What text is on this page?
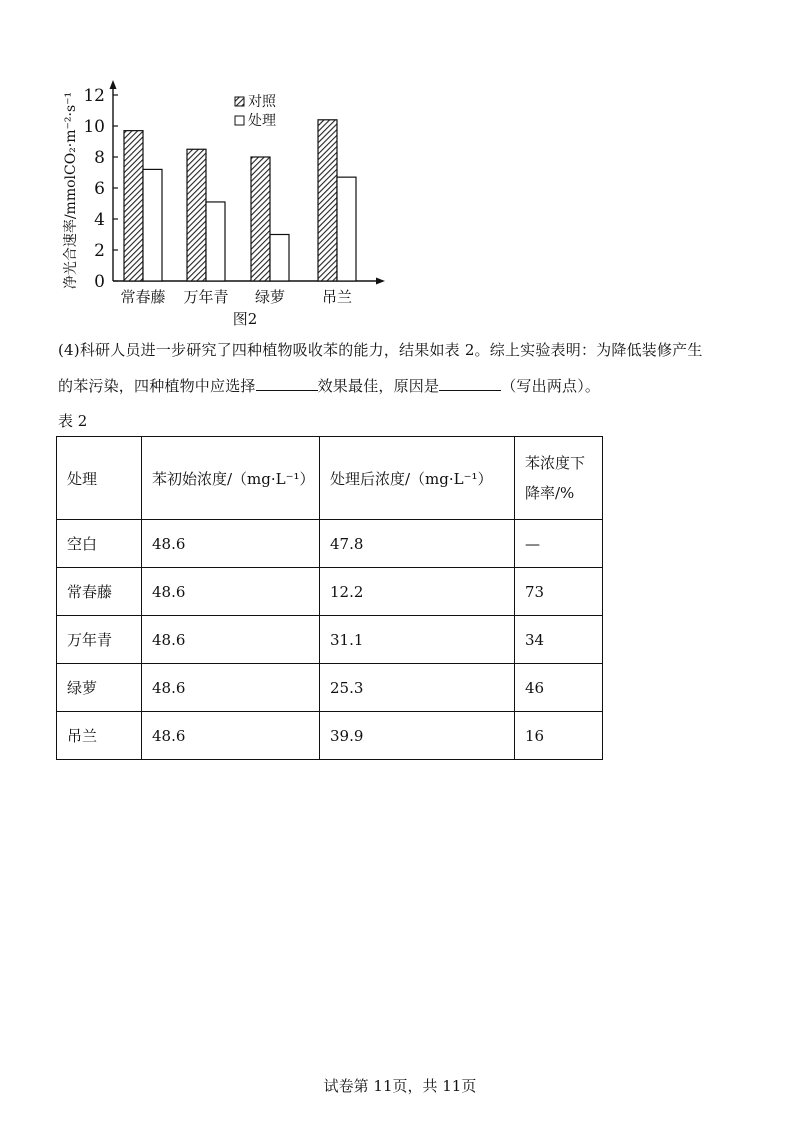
0
2
4
6
8
10
12
净光合速率/mmolCO₂·m⁻²·s⁻¹
常春藤 万年青 绿萝 吊兰
图2
对照
处理
(4)科研人员进一步研究了四种植物吸收苯的能力，结果如表 2。综上实验表明：为降低装修产生
的苯污染，四种植物中应选择	效果最佳，原因是	（写出两点）。
表 2
处理	苯初始浓度/（mg·L⁻¹）	处理后浓度/（mg·L⁻¹）	苯浓度下降率/%
空白	48.6	47.8	—
常春藤	48.6	12.2	73
万年青	48.6	31.1	34
绿萝	48.6	25.3	46
吊兰	48.6	39.9	16
试卷第 11页，共 11页
